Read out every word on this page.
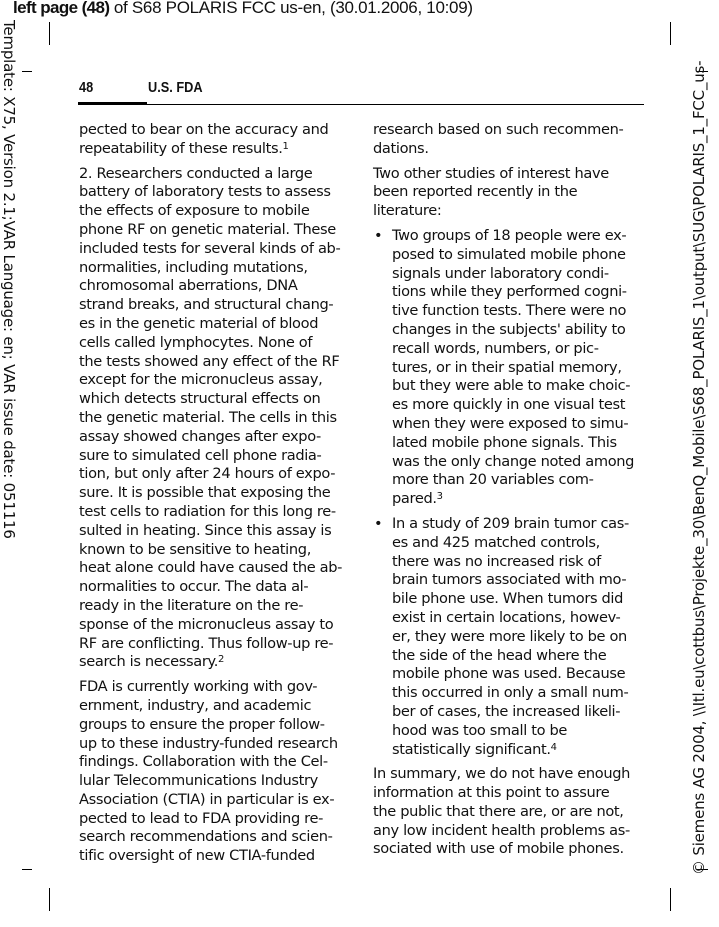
left page (48) of S68 POLARIS FCC us-en, (30.01.2006, 10:09)
Template: X75, Version 2.1;VAR Language: en; VAR issue date: 051116	© Siemens AG 2004, \\Itl.eu\cottbus\Projekte_30\BenQ_Mobile\S68_POLARIS_1\output\SUG\POLARIS_1_FCC_us-
48	U.S. FDA
pected to bear on the accuracy and
repeatability of these results.$^1$
2. Researchers conducted a large
battery of laboratory tests to assess
the effects of exposure to mobile
phone RF on genetic material. These
included tests for several kinds of ab-
normalities, including mutations,
chromosomal aberrations, DNA
strand breaks, and structural chang-
es in the genetic material of blood
cells called lymphocytes. None of
the tests showed any effect of the RF
except for the micronucleus assay,
which detects structural effects on
the genetic material. The cells in this
assay showed changes after expo-
sure to simulated cell phone radia-
tion, but only after 24 hours of expo-
sure. It is possible that exposing the
test cells to radiation for this long re-
sulted in heating. Since this assay is
known to be sensitive to heating,
heat alone could have caused the ab-
normalities to occur. The data al-
ready in the literature on the re-
sponse of the micronucleus assay to
RF are conflicting. Thus follow-up re-
search is necessary.$^2$
FDA is currently working with gov-
ernment, industry, and academic
groups to ensure the proper follow-
up to these industry-funded research
findings. Collaboration with the Cel-
lular Telecommunications Industry
Association (CTIA) in particular is ex-
pected to lead to FDA providing re-
search recommendations and scien-
tific oversight of new CTIA-funded
research based on such recommen-
dations.
Two other studies of interest have
been reported recently in the
literature:
• Two groups of 18 people were ex-
posed to simulated mobile phone
signals under laboratory condi-
tions while they performed cogni-
tive function tests. There were no
changes in the subjects' ability to
recall words, numbers, or pic-
tures, or in their spatial memory,
but they were able to make choic-
es more quickly in one visual test
when they were exposed to simu-
lated mobile phone signals. This
was the only change noted among
more than 20 variables com-
pared.$^3$
• In a study of 209 brain tumor cas-
es and 425 matched controls,
there was no increased risk of
brain tumors associated with mo-
bile phone use. When tumors did
exist in certain locations, howev-
er, they were more likely to be on
the side of the head where the
mobile phone was used. Because
this occurred in only a small num-
ber of cases, the increased likeli-
hood was too small to be
statistically significant.$^4$
In summary, we do not have enough
information at this point to assure
the public that there are, or are not,
any low incident health problems as-
sociated with use of mobile phones.
